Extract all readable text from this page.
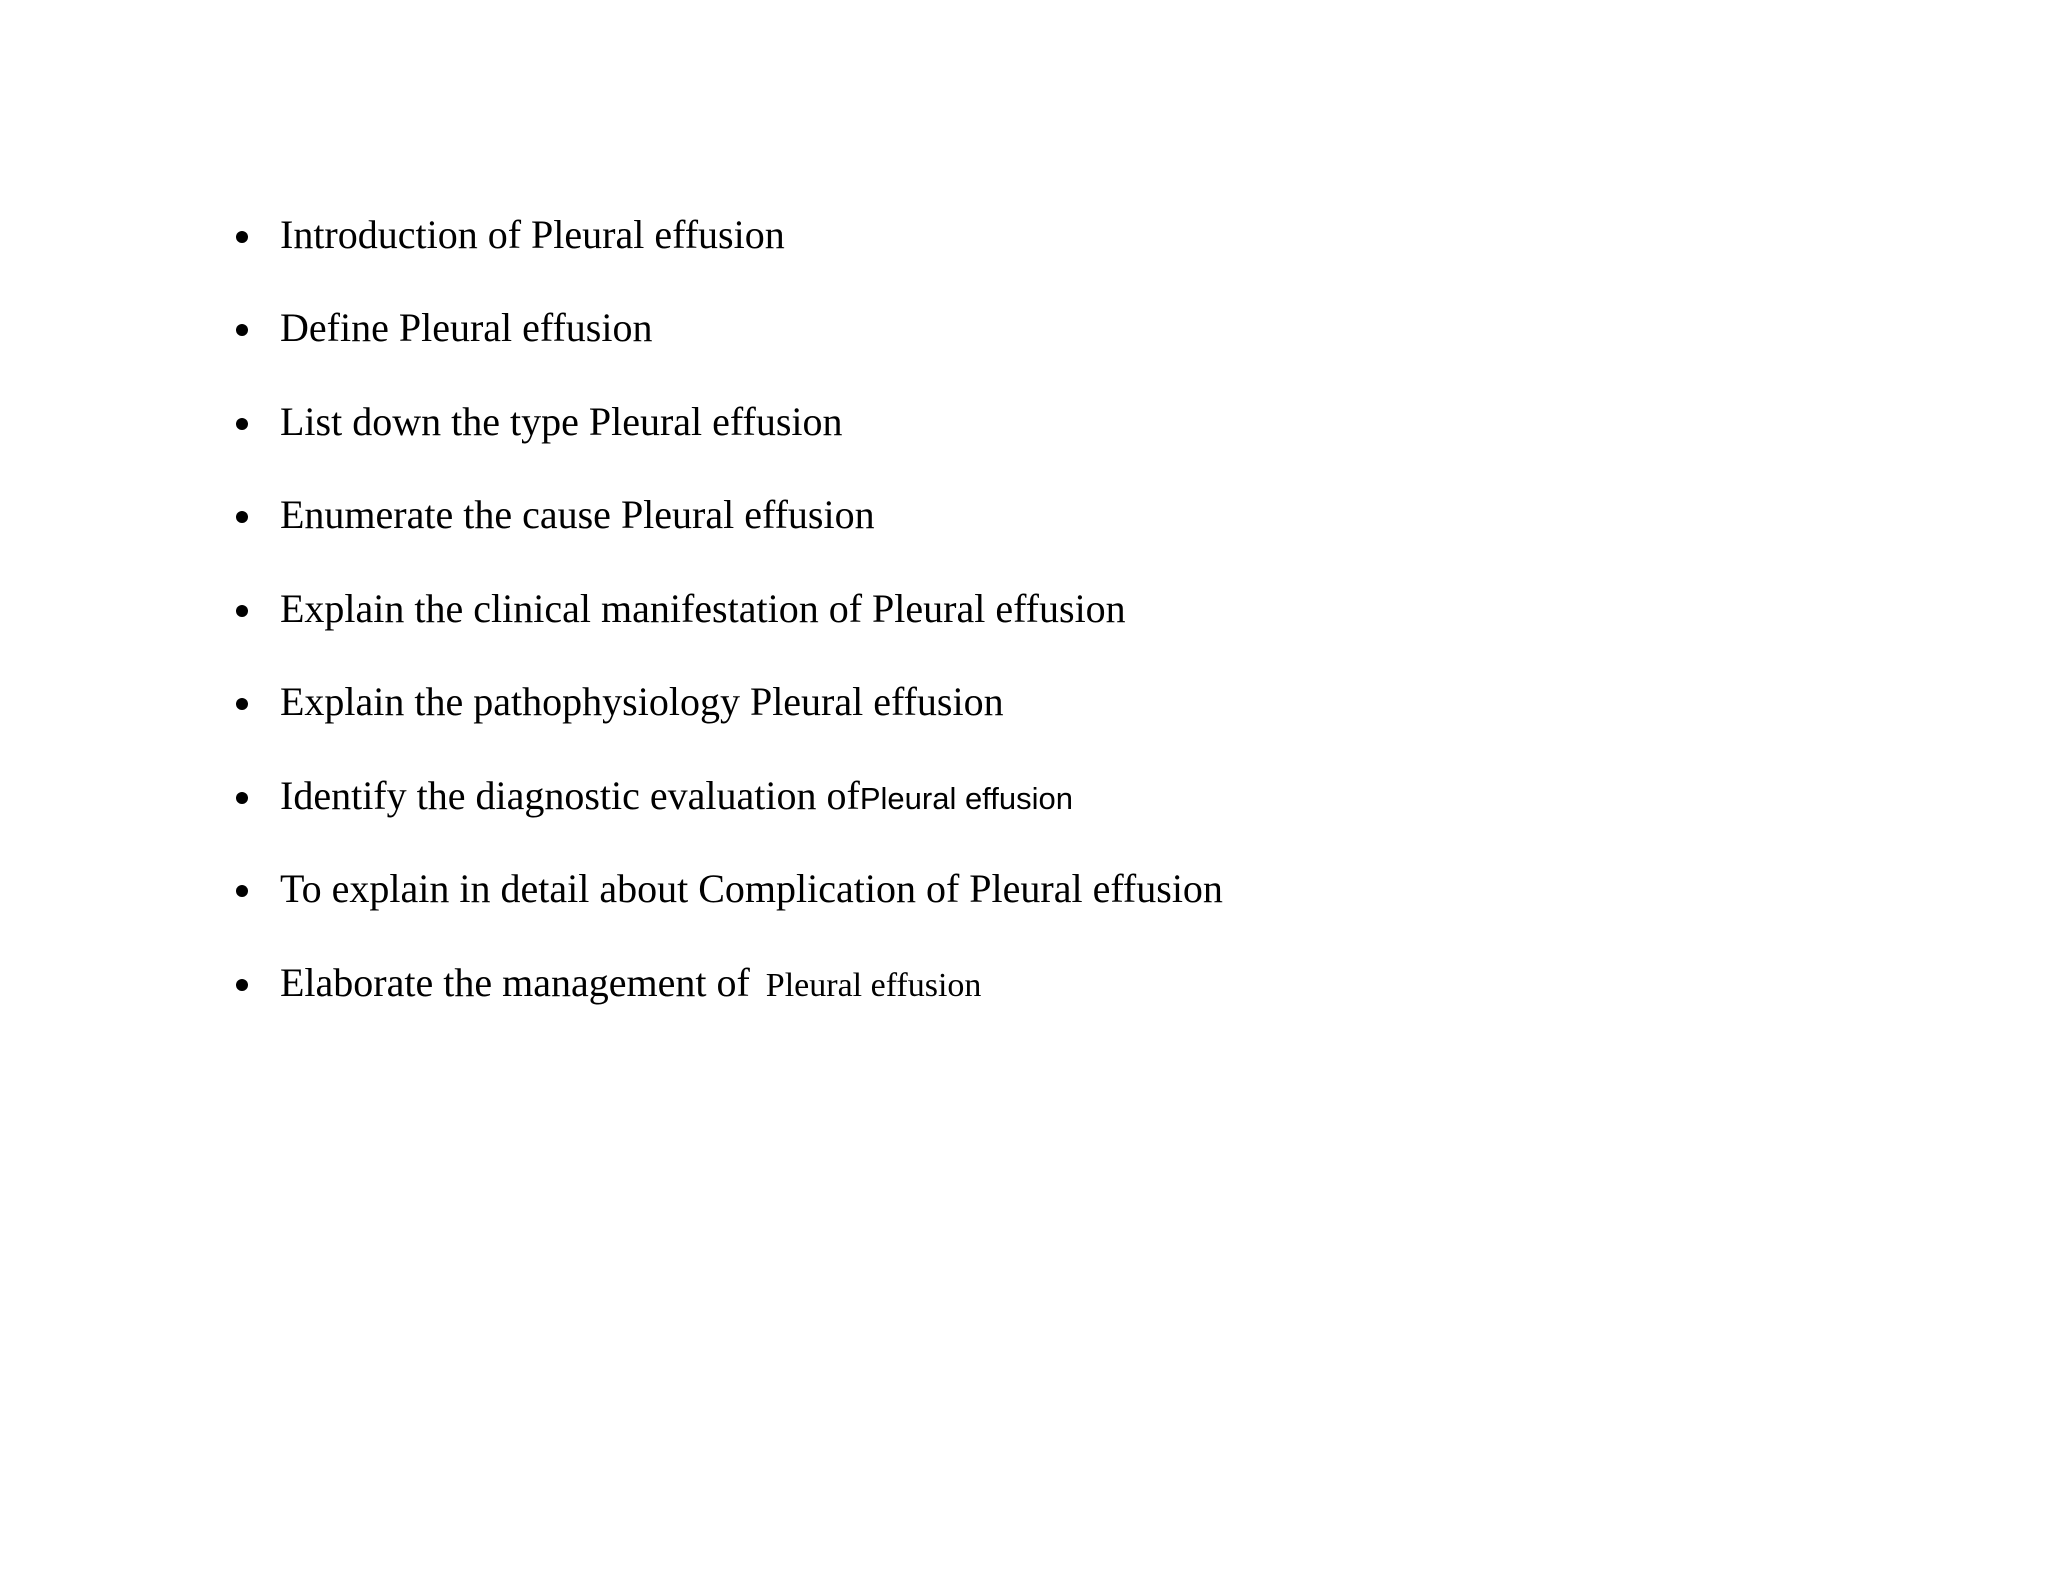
Introduction of Pleural effusion
Define Pleural effusion
List down the type Pleural effusion
Enumerate the cause Pleural effusion
Explain the clinical manifestation of Pleural effusion
Explain the pathophysiology Pleural effusion
Identify the diagnostic evaluation ofPleural effusion
To explain in detail about Complication of Pleural effusion
Elaborate the management of Pleural effusion
